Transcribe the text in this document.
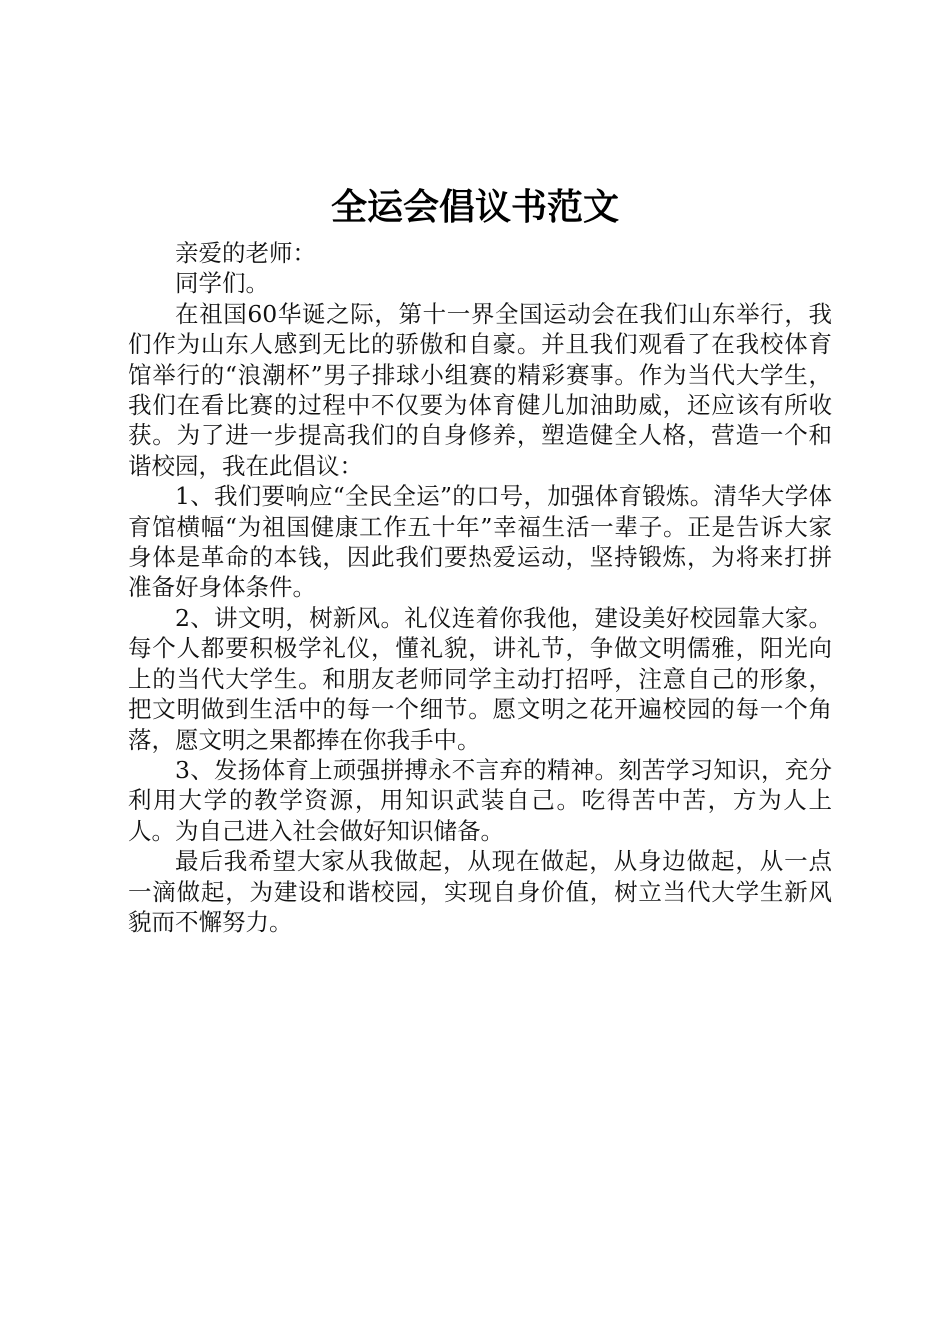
全运会倡议书范文

亲爱的老师：

同学们。

在祖国60华诞之际，第十一界全国运动会在我们山东举行，我们作为山东人感到无比的骄傲和自豪。并且我们观看了在我校体育馆举行的“浪潮杯”男子排球小组赛的精彩赛事。作为当代大学生，我们在看比赛的过程中不仅要为体育健儿加油助威，还应该有所收获。为了进一步提高我们的自身修养，塑造健全人格，营造一个和谐校园，我在此倡议：

1、我们要响应“全民全运”的口号，加强体育锻炼。清华大学体育馆横幅“为祖国健康工作五十年”幸福生活一辈子。正是告诉大家身体是革命的本钱，因此我们要热爱运动，坚持锻炼，为将来打拼准备好身体条件。

2、讲文明，树新风。礼仪连着你我他，建设美好校园靠大家。每个人都要积极学礼仪，懂礼貌，讲礼节，争做文明儒雅，阳光向上的当代大学生。和朋友老师同学主动打招呼，注意自己的形象，把文明做到生活中的每一个细节。愿文明之花开遍校园的每一个角落，愿文明之果都捧在你我手中。

3、发扬体育上顽强拼搏永不言弃的精神。刻苦学习知识，充分利用大学的教学资源，用知识武装自己。吃得苦中苦，方为人上人。为自己进入社会做好知识储备。

最后我希望大家从我做起，从现在做起，从身边做起，从一点一滴做起，为建设和谐校园，实现自身价值，树立当代大学生新风貌而不懈努力。
